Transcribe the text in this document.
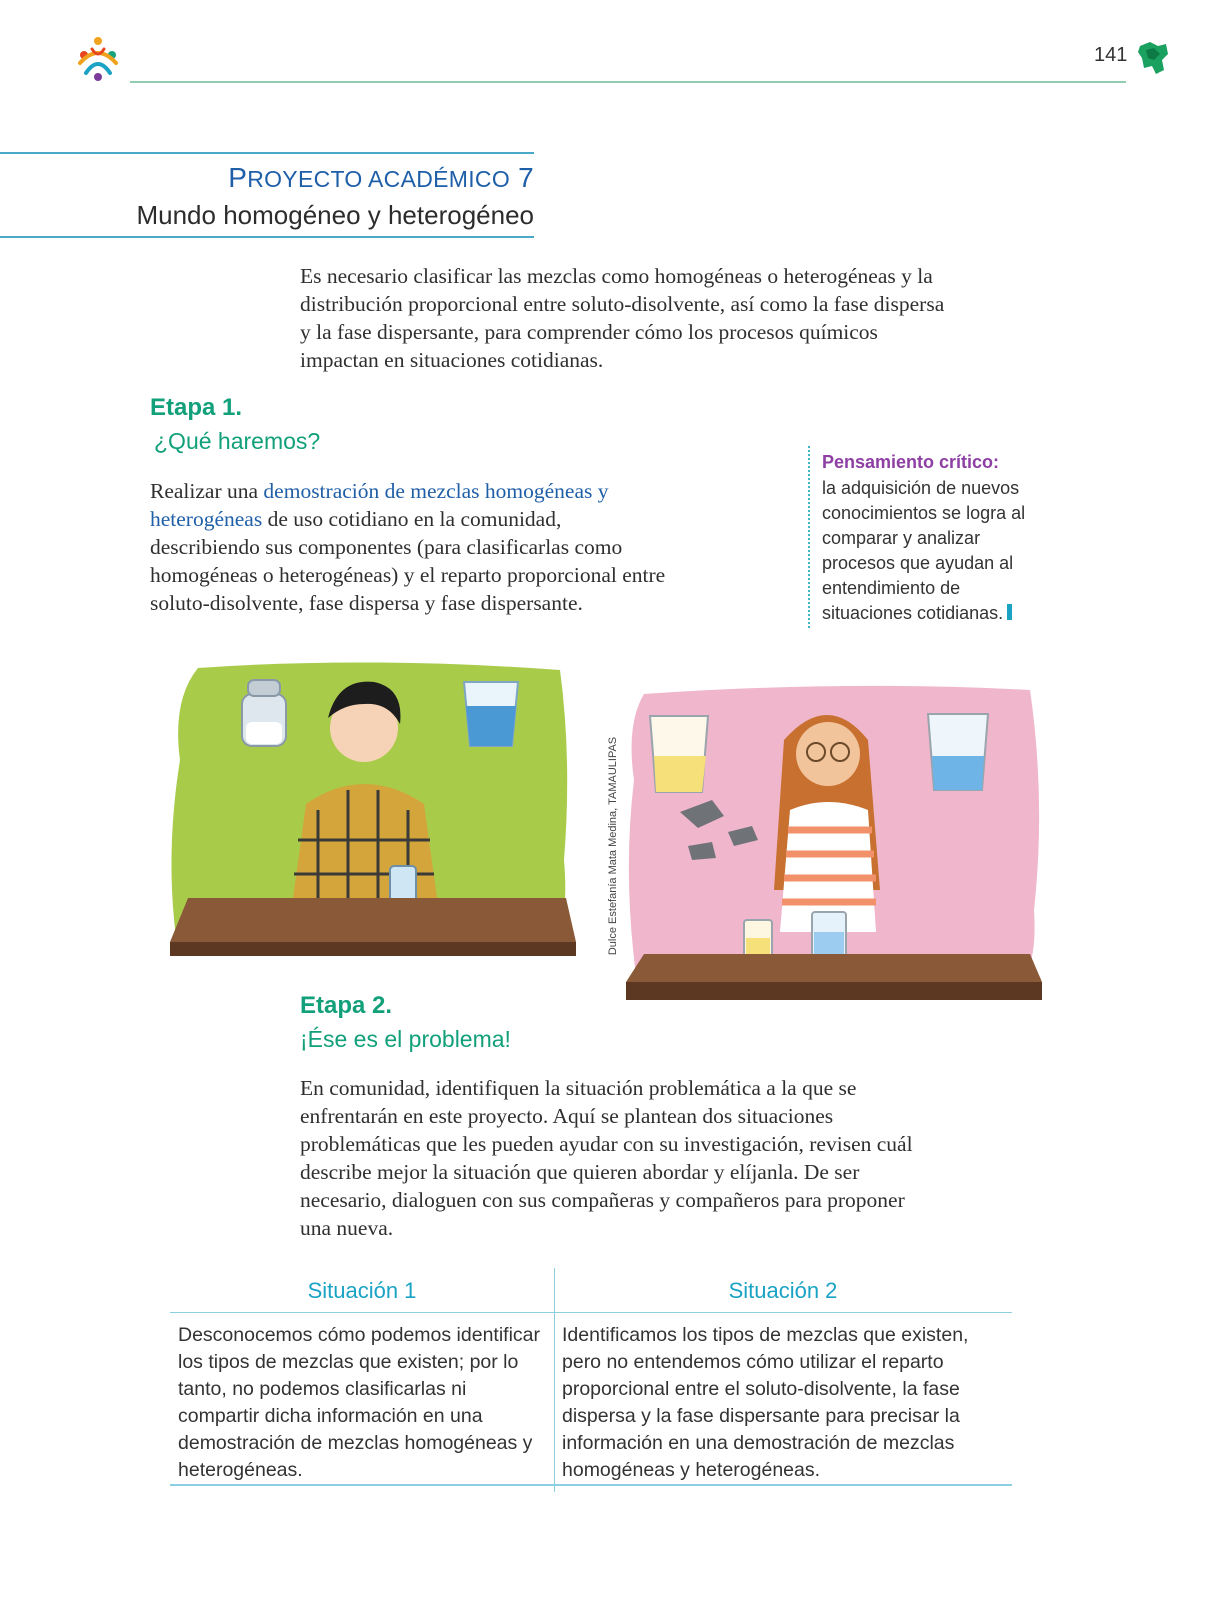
141
PROYECTO ACADÉMICO 7
Mundo homogéneo y heterogéneo

Es necesario clasificar las mezclas como homogéneas o heterogéneas y la distribución proporcional entre soluto-disolvente, así como la fase dispersa y la fase dispersante, para comprender cómo los procesos químicos impactan en situaciones cotidianas.

Etapa 1.
¿Qué haremos?

Realizar una demostración de mezclas homogéneas y heterogéneas de uso cotidiano en la comunidad, describiendo sus componentes (para clasificarlas como homogéneas o heterogéneas) y el reparto proporcional entre soluto-disolvente, fase dispersa y fase dispersante.

Pensamiento crítico:
la adquisición de nuevos conocimientos se logra al comparar y analizar procesos que ayudan al entendimiento de situaciones cotidianas.
Dulce Estefanía Mata Medina, TAMAULIPAS
Etapa 2.
¡Ése es el problema!

En comunidad, identifiquen la situación problemática a la que se enfrentarán en este proyecto. Aquí se plantean dos situaciones problemáticas que les pueden ayudar con su investigación, revisen cuál describe mejor la situación que quieren abordar y elíjanla. De ser necesario, dialoguen con sus compañeras y compañeros para proponer una nueva.

Situación 1	Situación 2
Desconocemos cómo podemos identificar los tipos de mezclas que existen; por lo tanto, no podemos clasificarlas ni compartir dicha información en una demostración de mezclas homogéneas y heterogéneas.
Identificamos los tipos de mezclas que existen, pero no entendemos cómo utilizar el reparto proporcional entre el soluto-disolvente, la fase dispersa y la fase dispersante para precisar la información en una demostración de mezclas homogéneas y heterogéneas.
